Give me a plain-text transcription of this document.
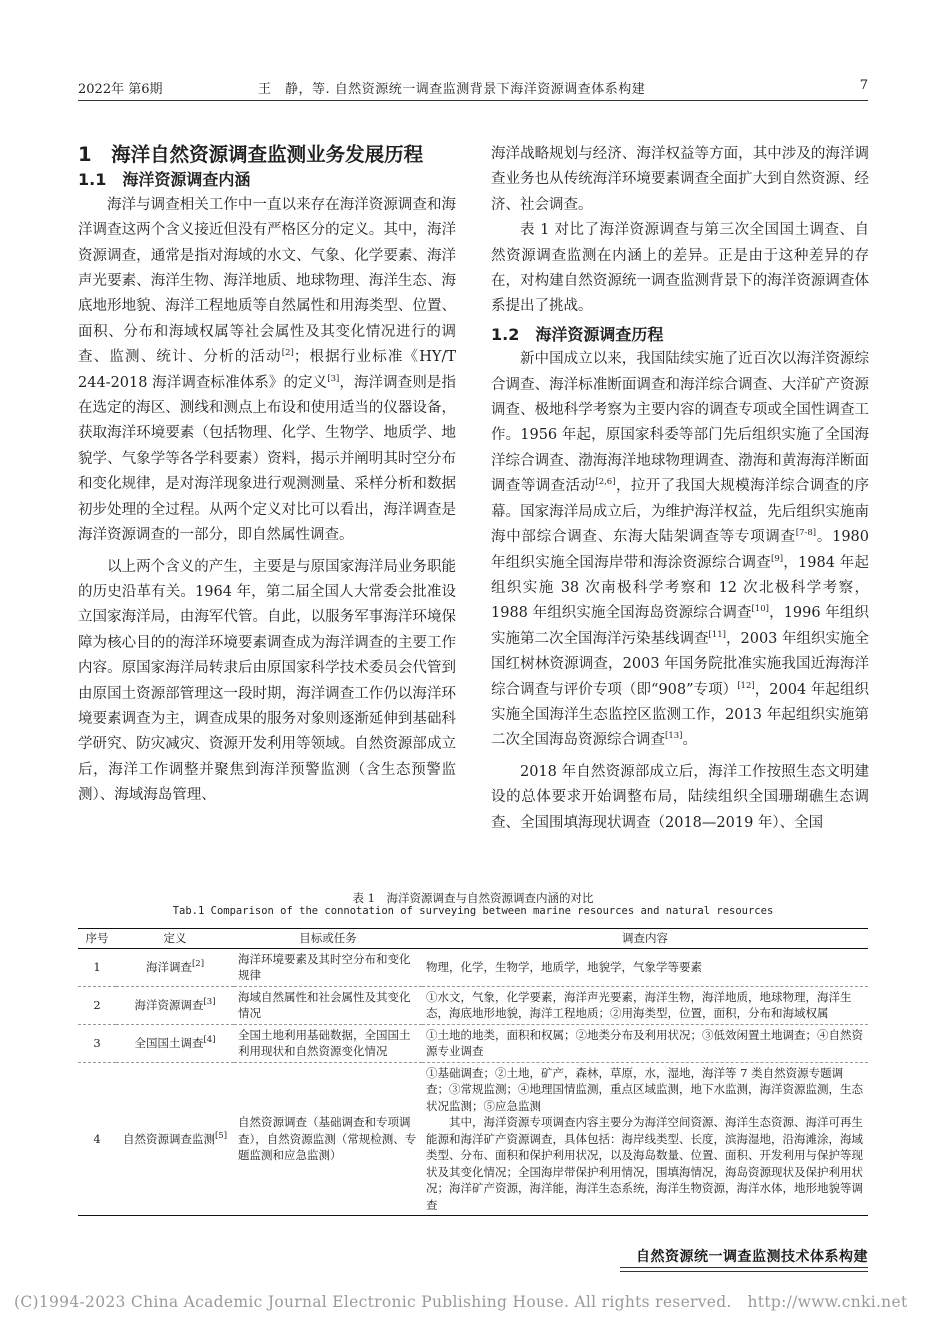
2022年 第6期	王　静，等. 自然资源统一调查监测背景下海洋资源调查体系构建	7

1　海洋自然资源调查监测业务发展历程

1.1　海洋资源调查内涵

海洋与调查相关工作中一直以来存在海洋资源调查和海洋调查这两个含义接近但没有严格区分的定义。其中，海洋资源调查，通常是指对海域的水文、气象、化学要素、海洋声光要素、海洋生物、海洋地质、地球物理、海洋生态、海底地形地貌、海洋工程地质等自然属性和用海类型、位置、面积、分布和海域权属等社会属性及其变化情况进行的调查、监测、统计、分析的活动[2]；根据行业标准《HY/T 244-2018 海洋调查标准体系》的定义[3]，海洋调查则是指在选定的海区、测线和测点上布设和使用适当的仪器设备，获取海洋环境要素（包括物理、化学、生物学、地质学、地貌学、气象学等各学科要素）资料，揭示并阐明其时空分布和变化规律，是对海洋现象进行观测测量、采样分析和数据初步处理的全过程。从两个定义对比可以看出，海洋调查是海洋资源调查的一部分，即自然属性调查。

以上两个含义的产生，主要是与原国家海洋局业务职能的历史沿革有关。1964 年，第二届全国人大常委会批准设立国家海洋局，由海军代管。自此，以服务军事海洋环境保障为核心目的的海洋环境要素调查成为海洋调查的主要工作内容。原国家海洋局转隶后由原国家科学技术委员会代管到由原国土资源部管理这一段时期，海洋调查工作仍以海洋环境要素调查为主，调查成果的服务对象则逐渐延伸到基础科学研究、防灾减灾、资源开发利用等领域。自然资源部成立后，海洋工作调整并聚焦到海洋预警监测（含生态预警监测）、海域海岛管理、

海洋战略规划与经济、海洋权益等方面，其中涉及的海洋调查业务也从传统海洋环境要素调查全面扩大到自然资源、经济、社会调查。

表 1 对比了海洋资源调查与第三次全国国土调查、自然资源调查监测在内涵上的差异。正是由于这种差异的存在，对构建自然资源统一调查监测背景下的海洋资源调查体系提出了挑战。

1.2　海洋资源调查历程

新中国成立以来，我国陆续实施了近百次以海洋资源综合调查、海洋标准断面调查和海洋综合调查、大洋矿产资源调查、极地科学考察为主要内容的调查专项或全国性调查工作。1956 年起，原国家科委等部门先后组织实施了全国海洋综合调查、渤海海洋地球物理调查、渤海和黄海海洋断面调查等调查活动[2,6]，拉开了我国大规模海洋综合调查的序幕。国家海洋局成立后，为维护海洋权益，先后组织实施南海中部综合调查、东海大陆架调查等专项调查[7-8]。1980 年组织实施全国海岸带和海涂资源综合调查[9]，1984 年起组织实施 38 次南极科学考察和 12 次北极科学考察，1988 年组织实施全国海岛资源综合调查[10]，1996 年组织实施第二次全国海洋污染基线调查[11]，2003 年组织实施全国红树林资源调查，2003 年国务院批准实施我国近海海洋综合调查与评价专项（即“908”专项）[12]，2004 年起组织实施全国海洋生态监控区监测工作，2013 年起组织实施第二次全国海岛资源综合调查[13]。

2018 年自然资源部成立后，海洋工作按照生态文明建设的总体要求开始调整布局，陆续组织全国珊瑚礁生态调查、全国围填海现状调查（2018—2019 年）、全国

表 1　海洋资源调查与自然资源调查内涵的对比
Tab.1 Comparison of the connotation of surveying between marine resources and natural resources
序号	定义	目标或任务	调查内容
1	海洋调查[2]	海洋环境要素及其时空分布和变化规律	物理，化学，生物学，地质学，地貌学，气象学等要素
2	海洋资源调查[3]	海域自然属性和社会属性及其变化情况	①水文，气象，化学要素，海洋声光要素，海洋生物，海洋地质，地球物理，海洋生态，海底地形地貌，海洋工程地质；②用海类型，位置，面积，分布和海域权属
3	全国国土调查[4]	全国土地利用基础数据，全国国土利用现状和自然资源变化情况	①土地的地类，面积和权属；②地类分布及利用状况；③低效闲置土地调查；④自然资源专业调查
4	自然资源调查监测[5]	自然资源调查（基础调查和专项调查），自然资源监测（常规检测、专题监测和应急监测）	①基础调查；②土地，矿产，森林，草原，水，湿地，海洋等 7 类自然资源专题调查；③常规监测；④地理国情监测，重点区域监测，地下水监测，海洋资源监测，生态状况监测；⑤应急监测

其中，海洋资源专项调查内容主要分为海洋空间资源、海洋生态资源、海洋可再生能源和海洋矿产资源调查，具体包括：海岸线类型、长度，滨海湿地，沿海滩涂，海域类型、分布、面积和保护利用状况，以及海岛数量、位置、面积、开发利用与保护等现状及其变化情况；全国海岸带保护利用情况，围填海情况，海岛资源现状及保护利用状况；海洋矿产资源，海洋能，海洋生态系统，海洋生物资源，海洋水体，地形地貌等调查

自然资源统一调查监测技术体系构建
(C)1994-2023 China Academic Journal Electronic Publishing House. All rights reserved.　http://www.cnki.net
